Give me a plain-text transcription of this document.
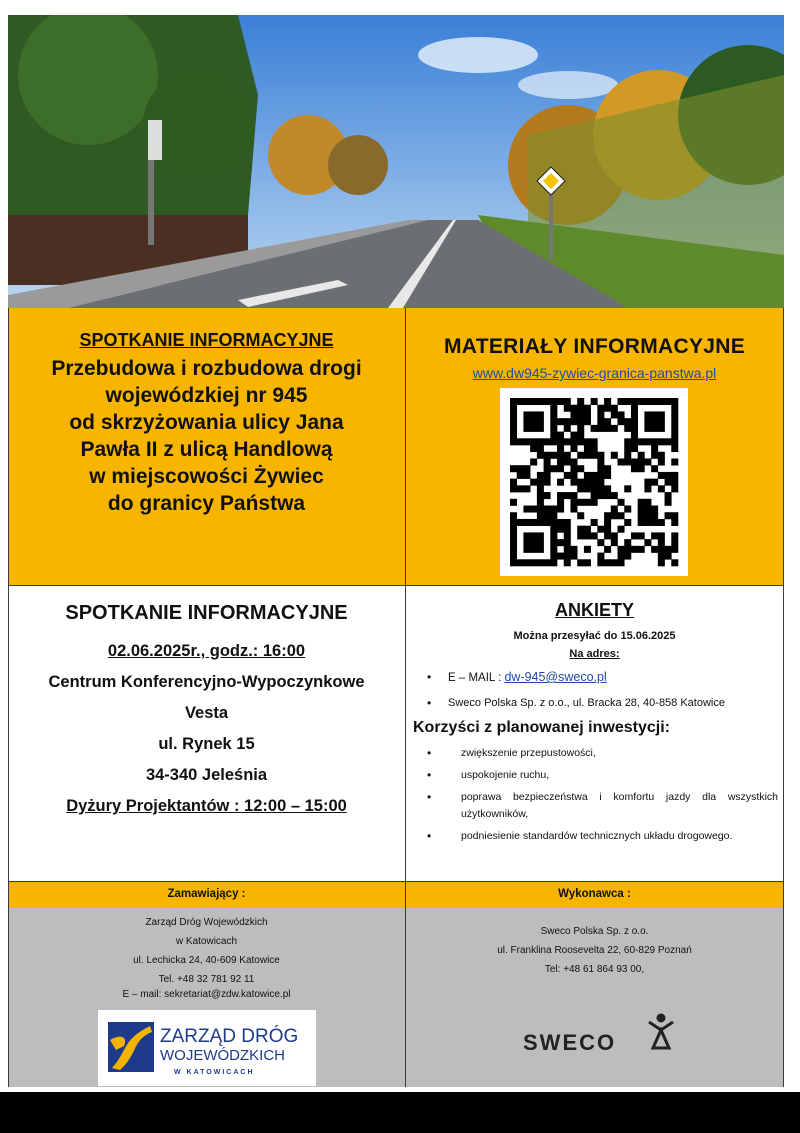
SPOTKANIE INFORMACYJNE
Przebudowa i rozbudowa drogi
wojewódzkiej nr 945
od skrzyżowania ulicy Jana
Pawła II z ulicą Handlową
w miejscowości Żywiec
do granicy Państwa
MATERIAŁY INFORMACYJNE
www.dw945-zywiec-granica-panstwa.pl
SPOTKANIE INFORMACYJNE
02.06.2025r., godz.: 16:00
Centrum Konferencyjno-Wypoczynkowe
Vesta
ul. Rynek 15
34-340 Jeleśnia
Dyżury Projektantów : 12:00 – 15:00
ANKIETY
Można przesyłać do 15.06.2025
Na adres:
• E – MAIL : dw-945@sweco.pl
• Sweco Polska Sp. z o.o., ul. Bracka 28, 40-858 Katowice
Korzyści z planowanej inwestycji:
• zwiększenie przepustowości,
• uspokojenie ruchu,
• poprawa bezpieczeństwa i komfortu jazdy dla wszystkich użytkowników,
• podniesienie standardów technicznych układu drogowego.
Zamawiający :	Wykonawca :
Zarząd Dróg Wojewódzkich
w Katowicach
ul. Lechicka 24, 40-609 Katowice
Tel. +48 32 781 92 11
E – mail: sekretariat@zdw.katowice.pl
ZARZĄD DRÓG
WOJEWÓDZKICH
W KATOWICACH
Sweco Polska Sp. z o.o.
ul. Franklina Roosevelta 22, 60-829 Poznań
Tel: +48 61 864 93 00,
SWECO
